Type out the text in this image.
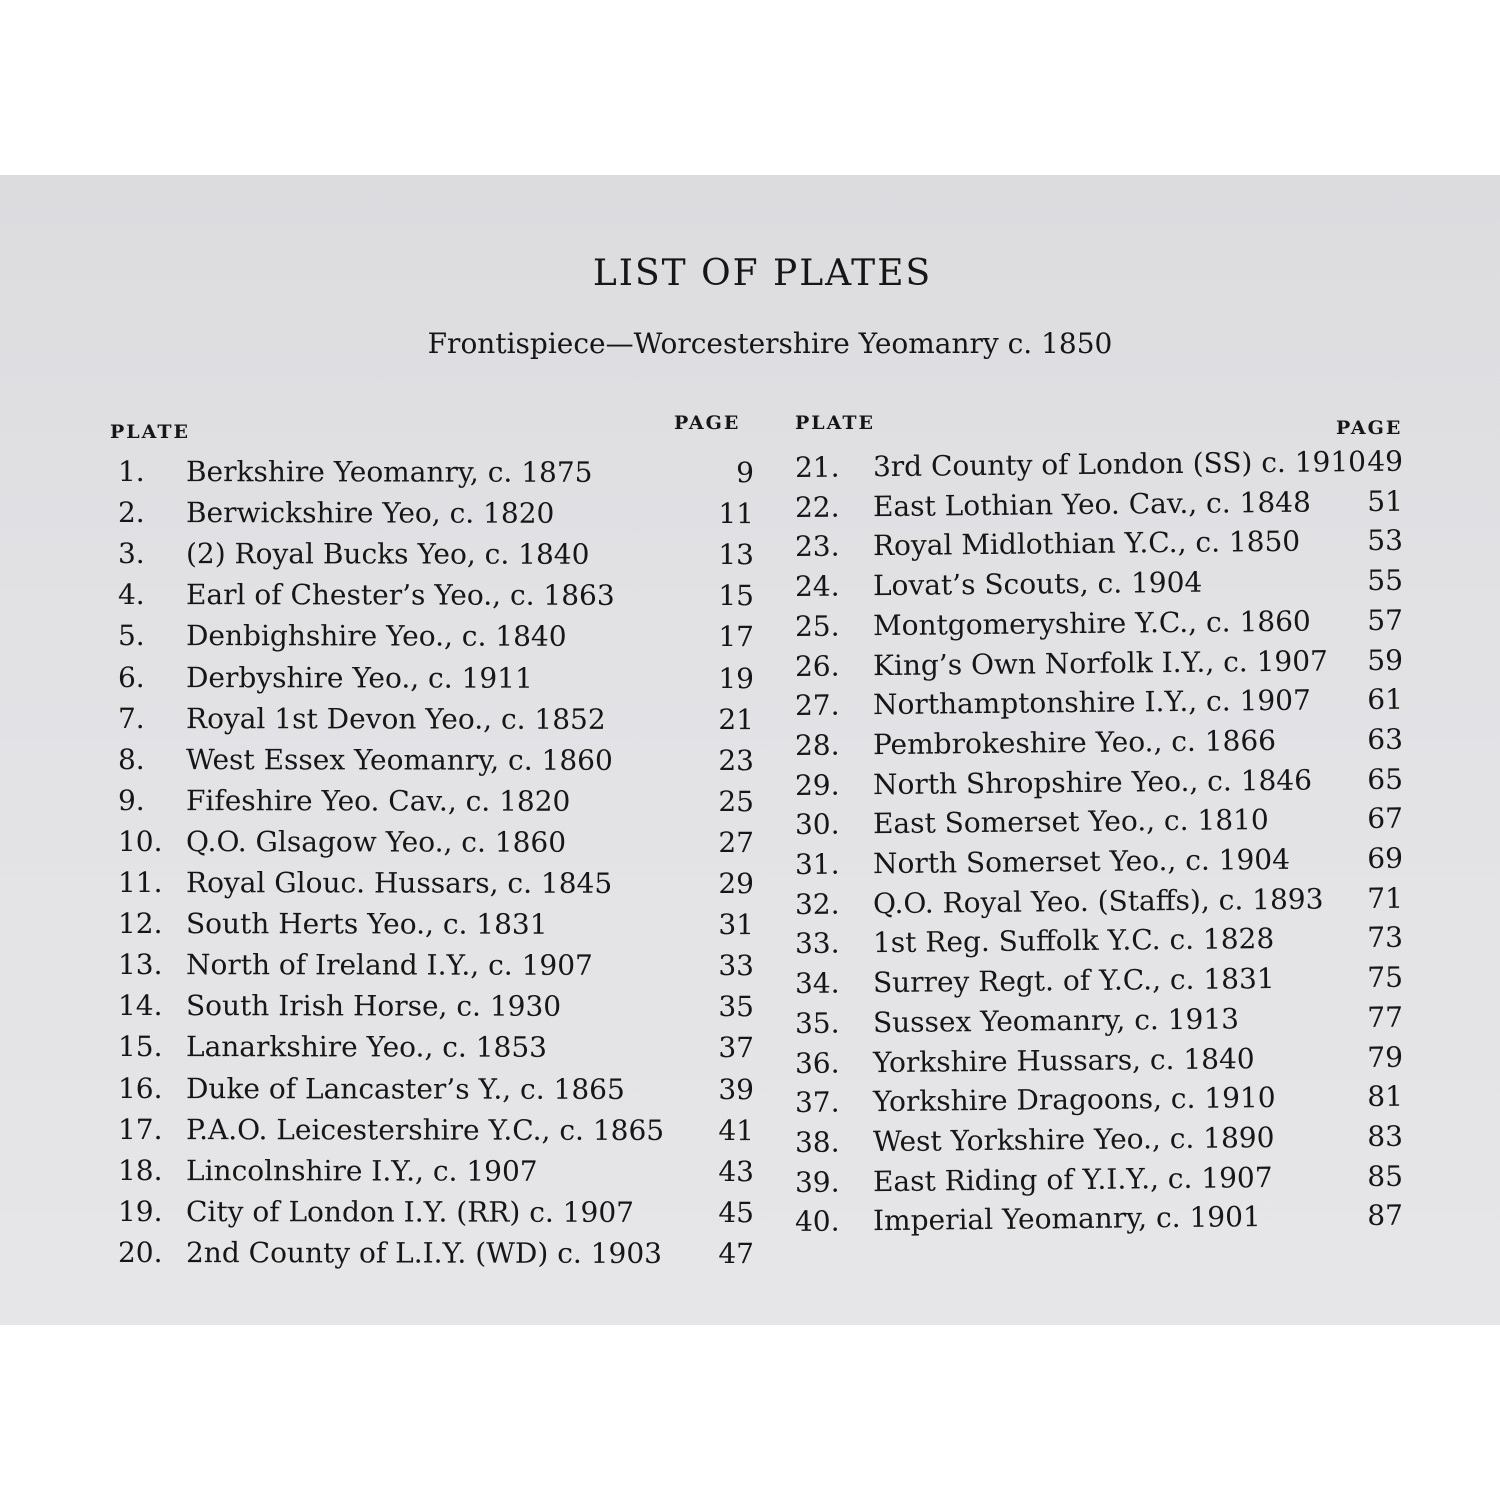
LIST OF PLATES

Frontispiece—Worcestershire Yeomanry c. 1850

PLATE	PAGE	PLATE	PAGE
1. Berkshire Yeomanry, c. 1875	9
2. Berwickshire Yeo, c. 1820	11
3. (2) Royal Bucks Yeo, c. 1840	13
4. Earl of Chester’s Yeo., c. 1863	15
5. Denbighshire Yeo., c. 1840	17
6. Derbyshire Yeo., c. 1911	19
7. Royal 1st Devon Yeo., c. 1852	21
8. West Essex Yeomanry, c. 1860	23
9. Fifeshire Yeo. Cav., c. 1820	25
10. Q.O. Glsagow Yeo., c. 1860	27
11. Royal Glouc. Hussars, c. 1845	29
12. South Herts Yeo., c. 1831	31
13. North of Ireland I.Y., c. 1907	33
14. South Irish Horse, c. 1930	35
15. Lanarkshire Yeo., c. 1853	37
16. Duke of Lancaster’s Y., c. 1865	39
17. P.A.O. Leicestershire Y.C., c. 1865	41
18. Lincolnshire I.Y., c. 1907	43
19. City of London I.Y. (RR) c. 1907	45
20. 2nd County of L.I.Y. (WD) c. 1903	47
21. 3rd County of London (SS) c. 1910 49
22. East Lothian Yeo. Cav., c. 1848	51
23. Royal Midlothian Y.C., c. 1850	53
24. Lovat’s Scouts, c. 1904	55
25. Montgomeryshire Y.C., c. 1860	57
26. King’s Own Norfolk I.Y., c. 1907	59
27. Northamptonshire I.Y., c. 1907	61
28. Pembrokeshire Yeo., c. 1866	63
29. North Shropshire Yeo., c. 1846	65
30. East Somerset Yeo., c. 1810	67
31. North Somerset Yeo., c. 1904	69
32. Q.O. Royal Yeo. (Staffs), c. 1893	71
33. 1st Reg. Suffolk Y.C. c. 1828	73
34. Surrey Regt. of Y.C., c. 1831	75
35. Sussex Yeomanry, c. 1913	77
36. Yorkshire Hussars, c. 1840	79
37. Yorkshire Dragoons, c. 1910	81
38. West Yorkshire Yeo., c. 1890	83
39. East Riding of Y.I.Y., c. 1907	85
40. Imperial Yeomanry, c. 1901	87
